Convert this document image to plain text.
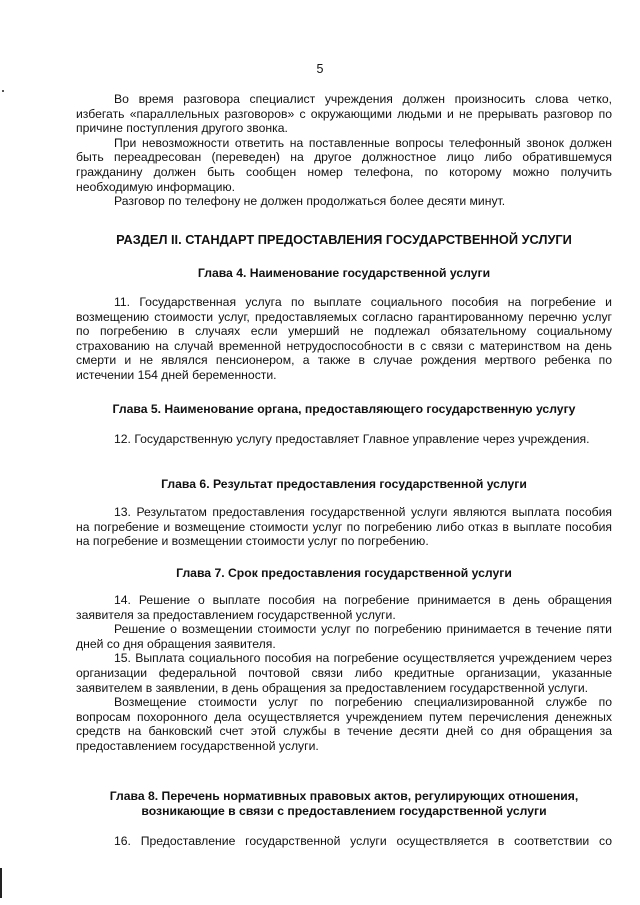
5

Во время разговора специалист учреждения должен произносить слова четко, избегать «параллельных разговоров» с окружающими людьми и не прерывать разговор по причине поступления другого звонка.

При невозможности ответить на поставленные вопросы телефонный звонок должен быть переадресован (переведен) на другое должностное лицо либо обратившемуся гражданину должен быть сообщен номер телефона, по которому можно получить необходимую информацию.

Разговор по телефону не должен продолжаться более десяти минут.

РАЗДЕЛ II. СТАНДАРТ ПРЕДОСТАВЛЕНИЯ ГОСУДАРСТВЕННОЙ УСЛУГИ
Глава 4. Наименование государственной услуги

11. Государственная услуга по выплате социального пособия на погребение и возмещению стоимости услуг, предоставляемых согласно гарантированному перечню услуг по погребению в случаях если умерший не подлежал обязательному социальному страхованию на случай временной нетрудоспособности в с связи с материнством на день смерти и не являлся пенсионером, а также в случае рождения мертвого ребенка по истечении 154 дней беременности.

Глава 5. Наименование органа, предоставляющего государственную услугу

12. Государственную услугу предоставляет Главное управление через учреждения.

Глава 6. Результат предоставления государственной услуги

13. Результатом предоставления государственной услуги являются выплата пособия на погребение и возмещение стоимости услуг по погребению либо отказ в выплате пособия на погребение и возмещении стоимости услуг по погребению.

Глава 7. Срок предоставления государственной услуги

14. Решение о выплате пособия на погребение принимается в день обращения заявителя за предоставлением государственной услуги.

Решение о возмещении стоимости услуг по погребению принимается в течение пяти дней со дня обращения заявителя.

15. Выплата социального пособия на погребение осуществляется учреждением через организации федеральной почтовой связи либо кредитные организации, указанные заявителем в заявлении, в день обращения за предоставлением государственной услуги.

Возмещение стоимости услуг по погребению специализированной службе по вопросам похоронного дела осуществляется учреждением путем перечисления денежных средств на банковский счет этой службы в течение десяти дней со дня обращения за предоставлением государственной услуги.

Глава 8. Перечень нормативных правовых актов, регулирующих отношения,
возникающие в связи с предоставлением государственной услуги

16. Предоставление государственной услуги осуществляется в соответствии со
